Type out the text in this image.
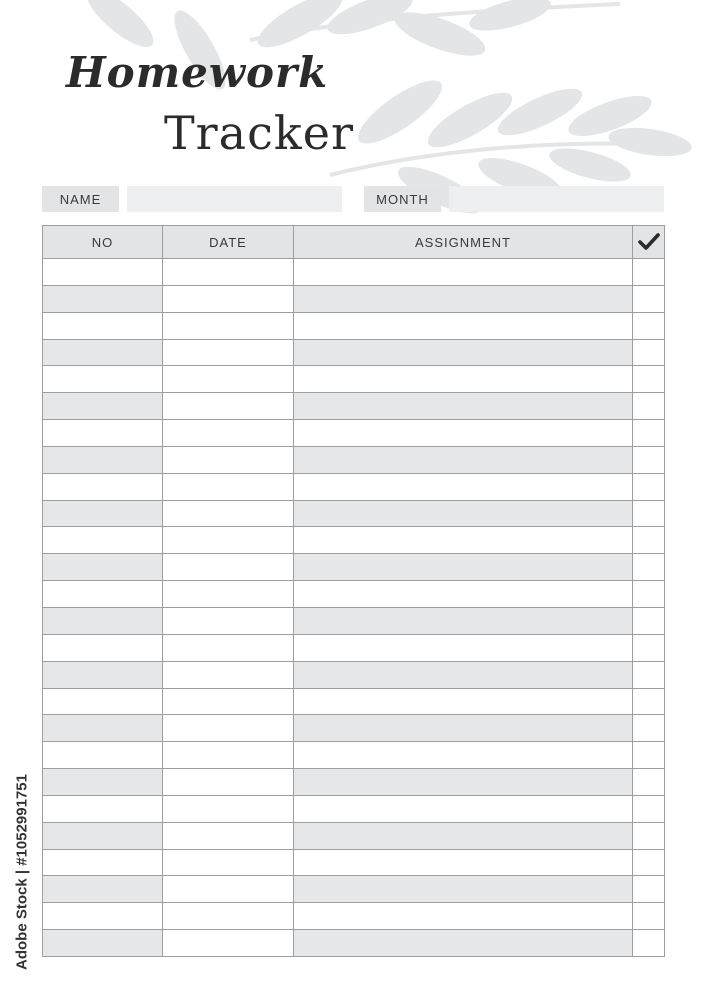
Homework
Tracker
NAME	MONTH
NO	DATE	ASSIGNMENT	

Adobe Stock | #1052991751
